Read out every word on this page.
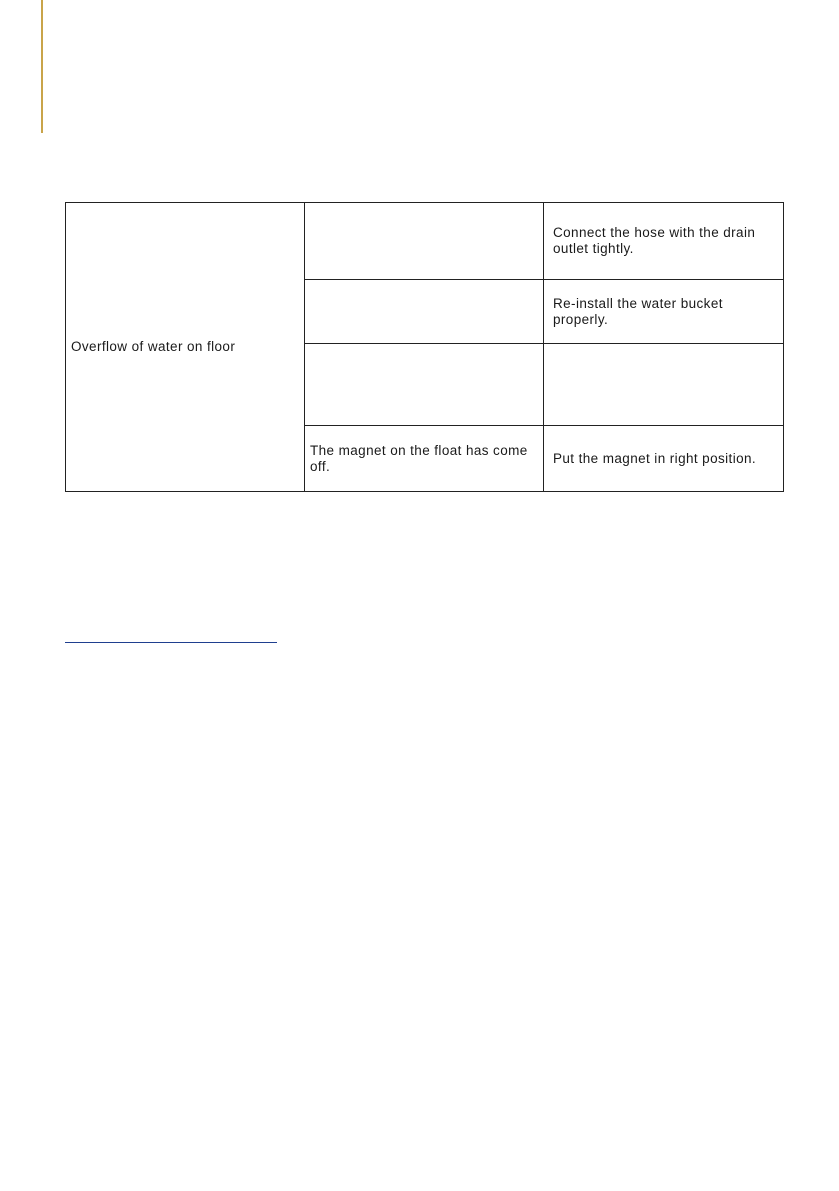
Overflow of water on floor		Connect the hose with the drain outlet tightly.
		Re-install the water bucket properly.

	The magnet on the float has come off.	Put the magnet in right position.
